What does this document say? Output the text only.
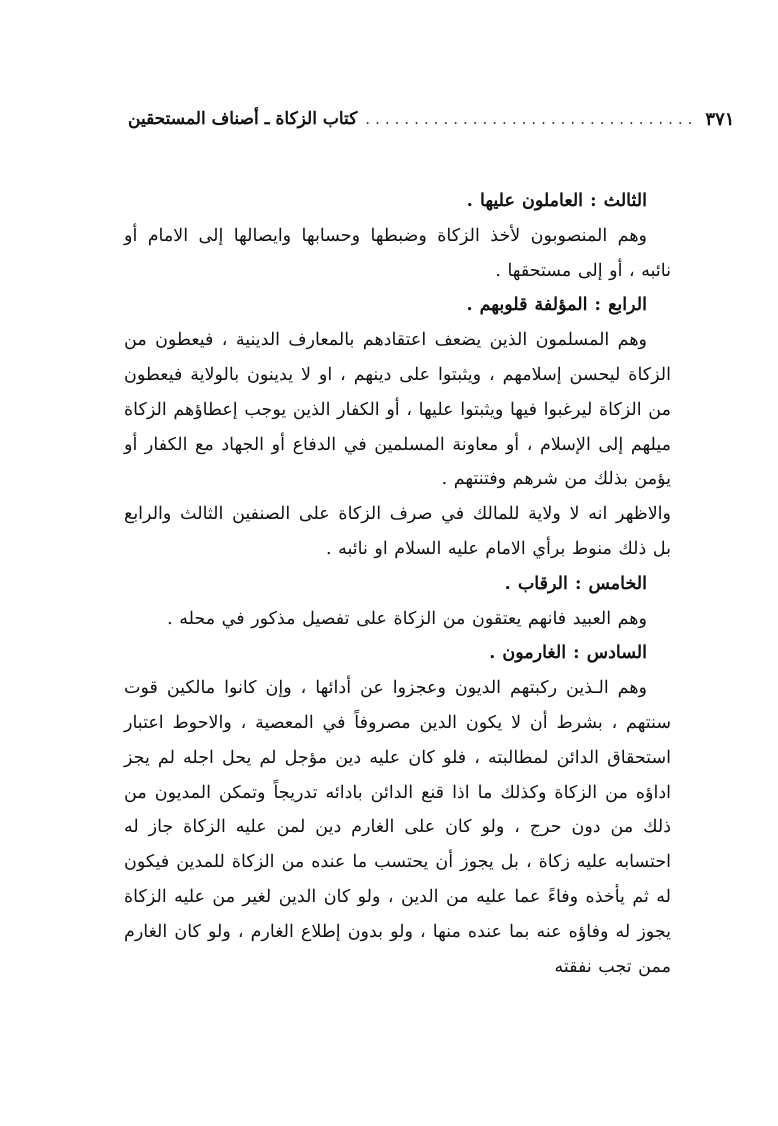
كتاب الزكاة ـ أصناف المستحقين .................................. ٣٧١

الثالث : العاملون عليها .

وهم المنصوبون لأخذ الزكاة وضبطها وحسابها وايصالها إلى الامام أو نائبه ، أو إلى مستحقها .

الرابع : المؤلفة قلوبهم .

وهم المسلمون الذين يضعف اعتقادهم بالمعارف الدينية ، فيعطون من الزكاة ليحسن إسلامهم ، ويثبتوا على دينهم ، او لا يدينون بالولاية فيعطون من الزكاة ليرغبوا فيها ويثبتوا عليها ، أو الكفار الذين يوجب إعطاؤهم الزكاة ميلهم إلى الإسلام ، أو معاونة المسلمين في الدفاع أو الجهاد مع الكفار أو يؤمن بذلك من شرهم وفتنتهم .

والاظهر انه لا ولاية للمالك في صرف الزكاة على الصنفين الثالث والرابع بل ذلك منوط برأي الامام عليه السلام او نائبه .

الخامس : الرقاب .

وهم العبيد فانهم يعتقون من الزكاة على تفصيل مذكور في محله .

السادس : الغارمون .

وهم الـذين ركبتهم الديون وعجزوا عن أدائها ، وإن كانوا مالكين قوت سنتهم ، بشرط أن لا يكون الدين مصروفاً في المعصية ، والاحوط اعتبار استحقاق الدائن لمطالبته ، فلو كان عليه دين مؤجل لم يحل اجله لم يجز اداؤه من الزكاة وكذلك ما اذا قنع الدائن بادائه تدريجاً وتمكن المديون من ذلك من دون حرج ، ولو كان على الغارم دين لمن عليه الزكاة جاز له احتسابه عليه زكاة ، بل يجوز أن يحتسب ما عنده من الزكاة للمدين فيكون له ثم يأخذه وفاءً عما عليه من الدين ، ولو كان الدين لغير من عليه الزكاة يجوز له وفاؤه عنه بما عنده منها ، ولو بدون إطلاع الغارم ، ولو كان الغارم ممن تجب نفقته
